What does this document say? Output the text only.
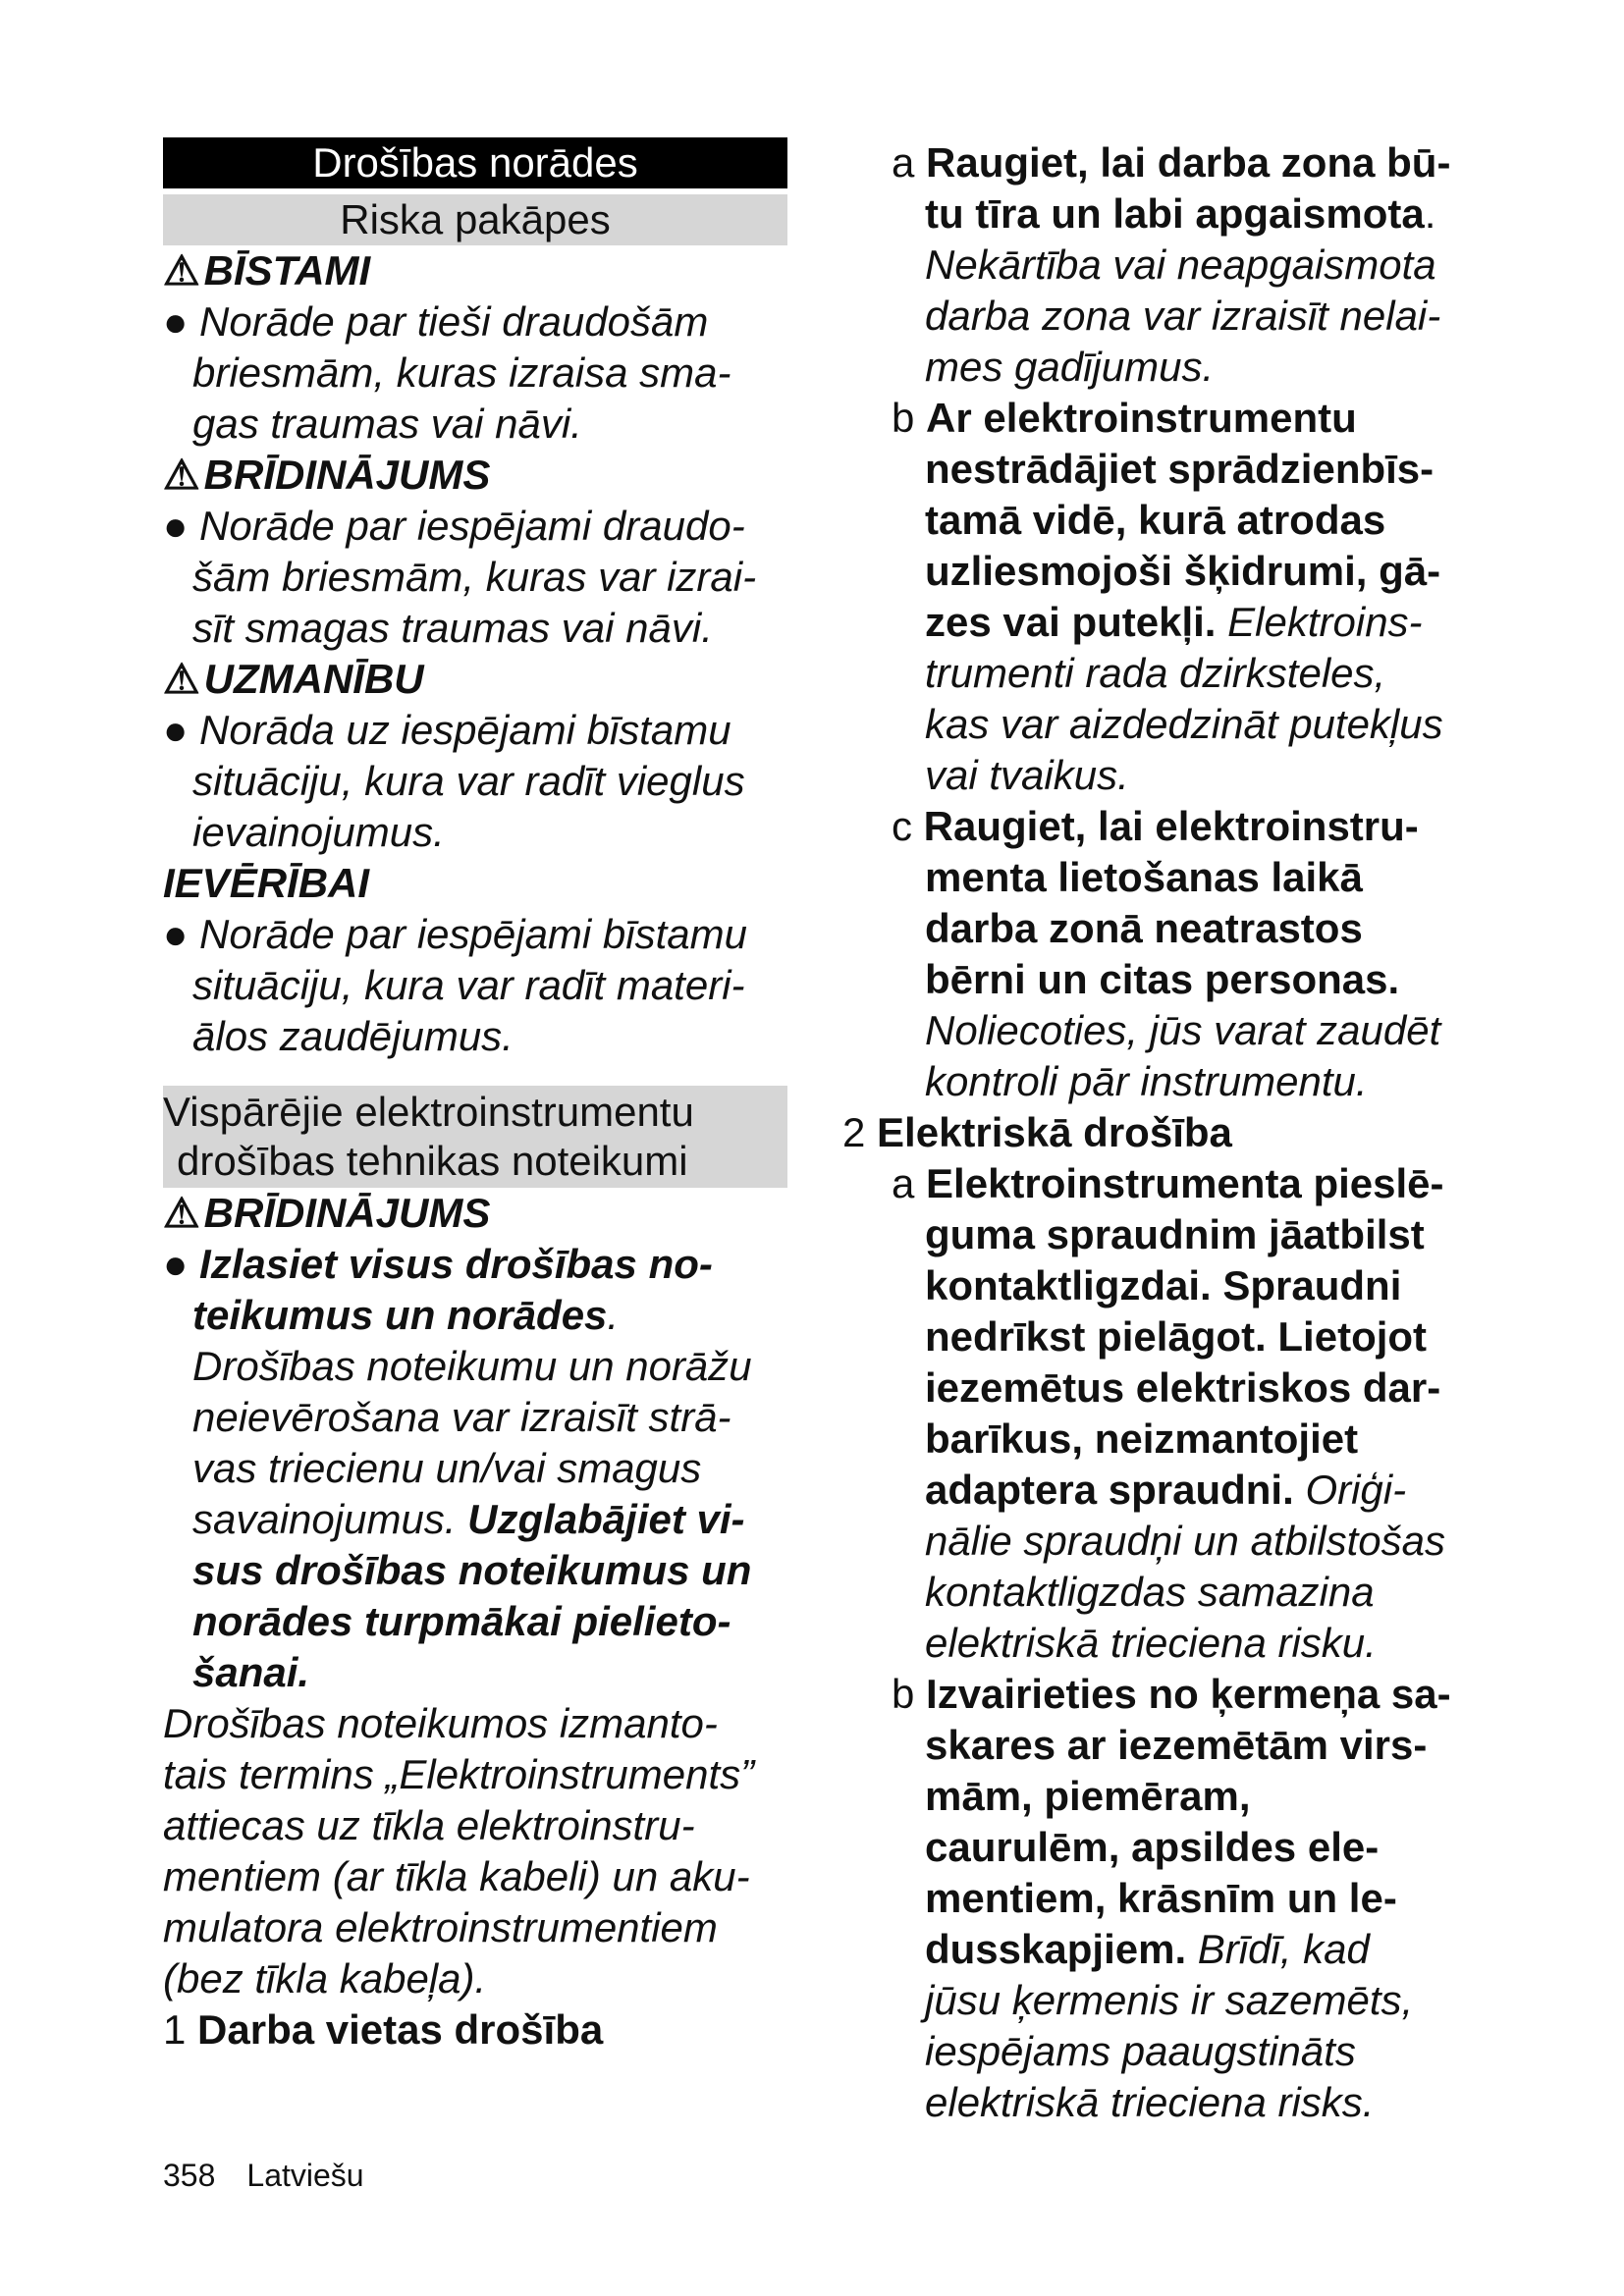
Drošības norādes
Riska pakāpes
⚠BĪSTAMI
● Norāde par tieši draudošām
briesmām, kuras izraisa sma-
gas traumas vai nāvi.
⚠BRĪDINĀJUMS
● Norāde par iespējami draudo-
šām briesmām, kuras var izrai-
sīt smagas traumas vai nāvi.
⚠UZMANĪBU
● Norāda uz iespējami bīstamu
situāciju, kura var radīt vieglus
ievainojumus.
IEVĒRĪBAI
● Norāde par iespējami bīstamu
situāciju, kura var radīt materi-
ālos zaudējumus.
Vispārējie elektroinstrumentu
drošības tehnikas noteikumi
⚠BRĪDINĀJUMS
● Izlasiet visus drošības no-
teikumus un norādes.
Drošības noteikumu un norāžu
neievērošana var izraisīt strā-
vas triecienu un/vai smagus
savainojumus. Uzglabājiet vi-
sus drošības noteikumus un
norādes turpmākai pielieto-
šanai.
Drošības noteikumos izmanto-
tais termins „Elektroinstruments”
attiecas uz tīkla elektroinstru-
mentiem (ar tīkla kabeli) un aku-
mulatora elektroinstrumentiem
(bez tīkla kabeļa).
1 Darba vietas drošība
a Raugiet, lai darba zona bū-
tu tīra un labi apgaismota.
Nekārtība vai neapgaismota
darba zona var izraisīt nelai-
mes gadījumus.
b Ar elektroinstrumentu
nestrādājiet sprādzienbīs-
tamā vidē, kurā atrodas
uzliesmojoši šķidrumi, gā-
zes vai putekļi. Elektroins-
trumenti rada dzirksteles,
kas var aizdedzināt putekļus
vai tvaikus.
c Raugiet, lai elektroinstru-
menta lietošanas laikā
darba zonā neatrastos
bērni un citas personas.
Noliecoties, jūs varat zaudēt
kontroli pār instrumentu.
2 Elektriskā drošība
a Elektroinstrumenta pieslē-
guma spraudnim jāatbilst
kontaktligzdai. Spraudni
nedrīkst pielāgot. Lietojot
iezemētus elektriskos dar-
barīkus, neizmantojiet
adaptera spraudni. Oriģi-
nālie spraudņi un atbilstošas
kontaktligzdas samazina
elektriskā trieciena risku.
b Izvairieties no ķermeņa sa-
skares ar iezemētām virs-
mām, piemēram,
caurulēm, apsildes ele-
mentiem, krāsnīm un le-
dusskapjiem. Brīdī, kad
jūsu ķermenis ir sazemēts,
iespējams paaugstināts
elektriskā trieciena risks.
358 Latviešu
